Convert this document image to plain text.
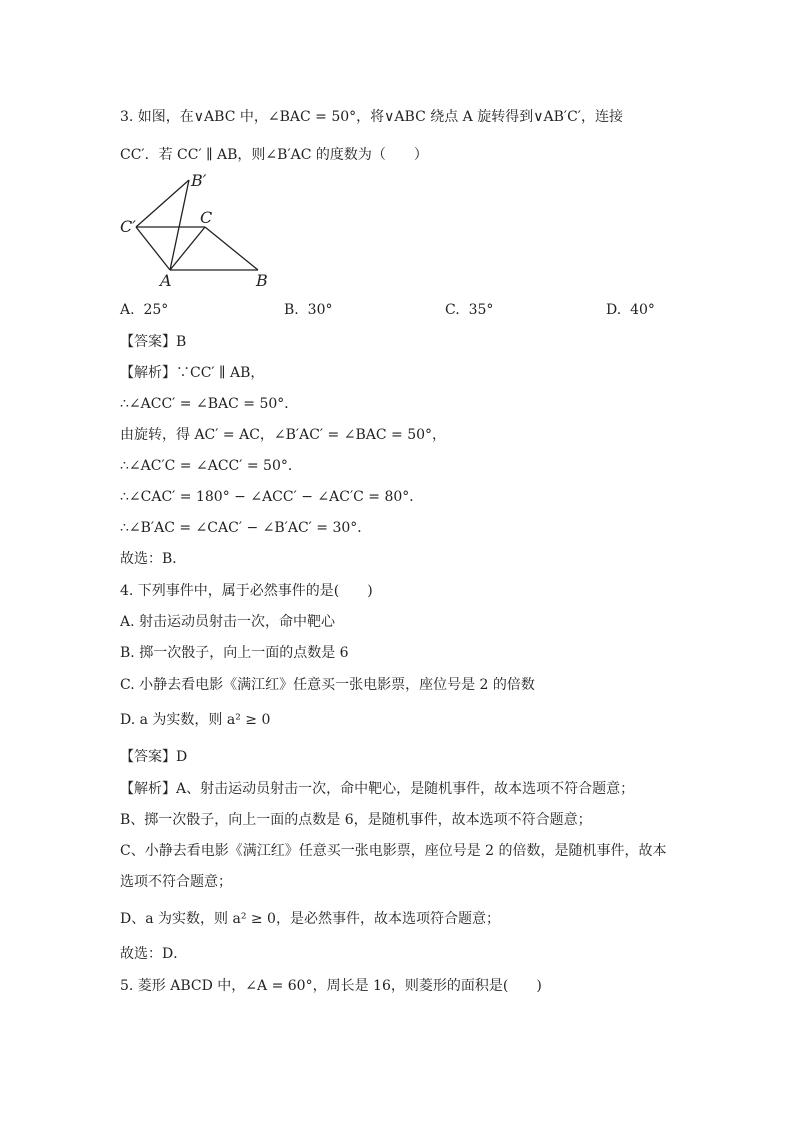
3. 如图，在∨ABC 中，∠BAC = 50°，将∨ABC 绕点 A 旋转得到∨AB′C′，连接
CC′．若 CC′ ∥ AB，则∠B′AC 的度数为（　　）
B′
C′	C
A	B
A. 25°	B. 30°	C. 35°	D. 40°
【答案】B
【解析】∵CC′ ∥ AB，
∴∠ACC′ = ∠BAC = 50°．
由旋转，得 AC′ = AC，∠B′AC′ = ∠BAC = 50°，
∴∠AC′C = ∠ACC′ = 50°．
∴∠CAC′ = 180° − ∠ACC′ − ∠AC′C = 80°．
∴∠B′AC = ∠CAC′ − ∠B′AC′ = 30°．
故选：B．
4. 下列事件中，属于必然事件的是(　　)
A. 射击运动员射击一次，命中靶心
B. 掷一次骰子，向上一面的点数是 6
C. 小静去看电影《满江红》任意买一张电影票，座位号是 2 的倍数
D. a 为实数，则 a² ≥ 0
【答案】D
【解析】A、射击运动员射击一次，命中靶心，是随机事件，故本选项不符合题意；
B、掷一次骰子，向上一面的点数是 6，是随机事件，故本选项不符合题意；
C、小静去看电影《满江红》任意买一张电影票，座位号是 2 的倍数，是随机事件，故本
选项不符合题意；
D、a 为实数，则 a² ≥ 0，是必然事件，故本选项符合题意；
故选：D．
5. 菱形 ABCD 中，∠A = 60°，周长是 16，则菱形的面积是(　　)
